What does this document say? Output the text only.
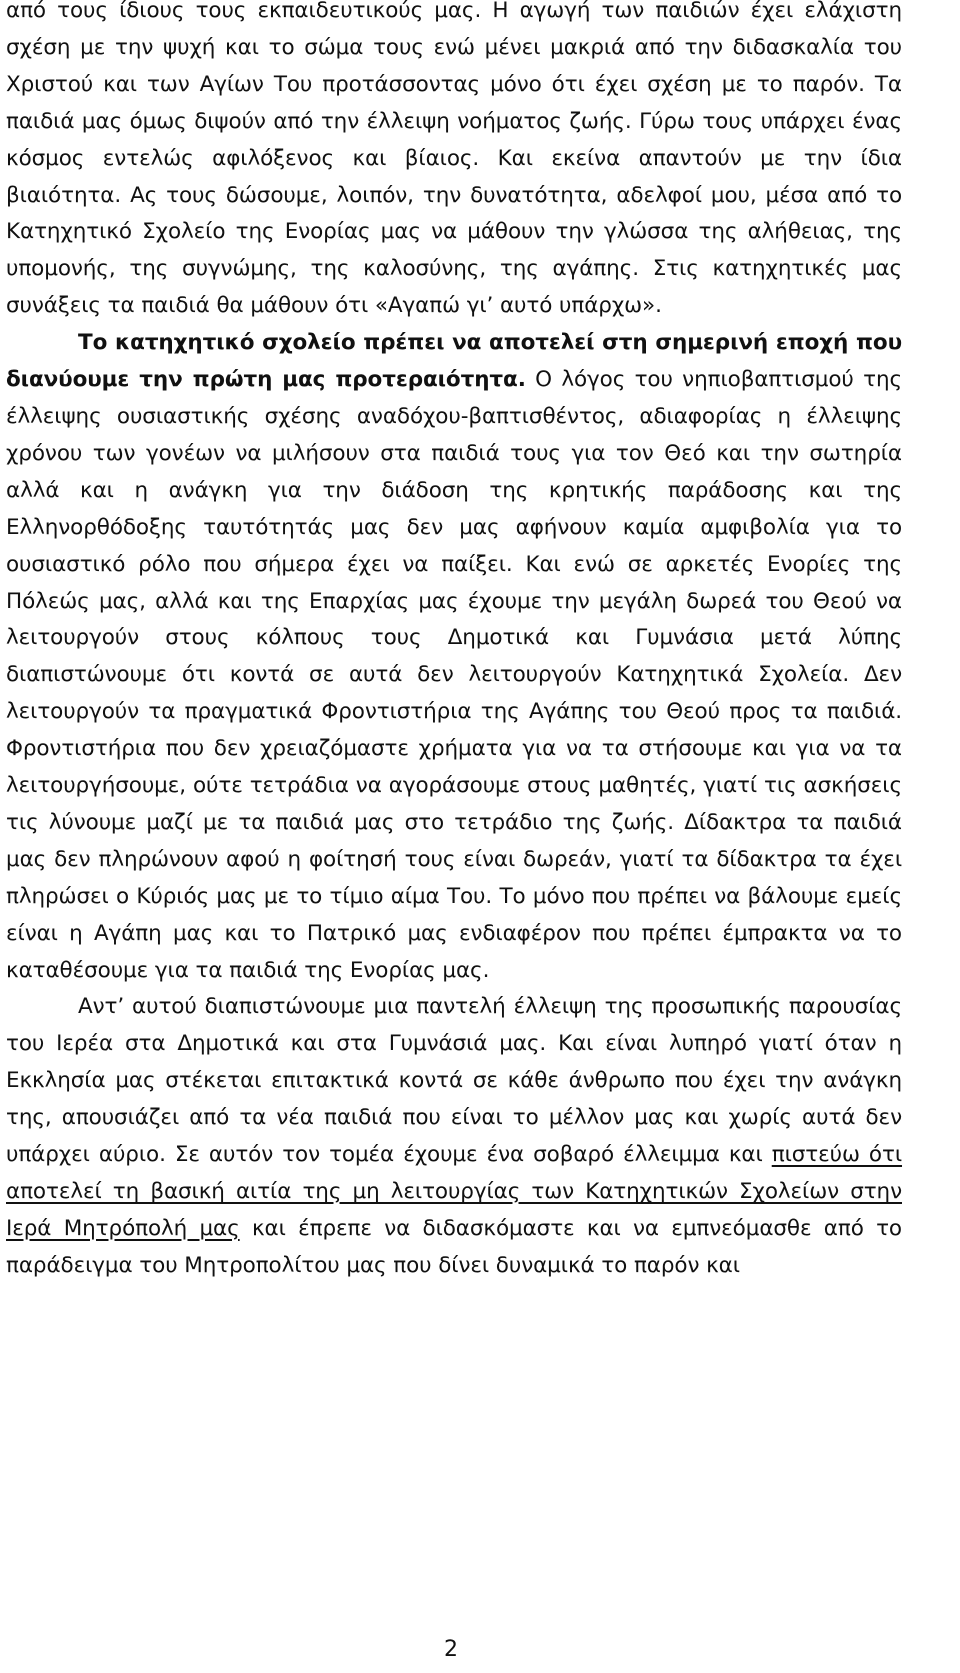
από τους ίδιους τους εκπαιδευτικούς μας. Η αγωγή των παιδιών έχει ελάχιστη σχέση με την ψυχή και το σώμα τους ενώ μένει μακριά από την διδασκαλία του Χριστού και των Αγίων Του προτάσσοντας μόνο ότι έχει σχέση με το παρόν. Τα παιδιά μας όμως διψούν από την έλλειψη νοήματος ζωής. Γύρω τους υπάρχει ένας κόσμος εντελώς αφιλόξενος και βίαιος. Και εκείνα απαντούν με την ίδια βιαιότητα. Ας τους δώσουμε, λοιπόν, την δυνατότητα, αδελφοί μου, μέσα από το Κατηχητικό Σχολείο της Ενορίας μας να μάθουν την γλώσσα της αλήθειας, της υπομονής, της συγνώμης, της καλοσύνης, της αγάπης. Στις κατηχητικές μας συνάξεις τα παιδιά θα μάθουν ότι «Αγαπώ γι’ αυτό υπάρχω».

Το κατηχητικό σχολείο πρέπει να αποτελεί στη σημερινή εποχή που διανύουμε την πρώτη μας προτεραιότητα. Ο λόγος του νηπιοβαπτισμού της έλλειψης ουσιαστικής σχέσης αναδόχου-βαπτισθέντος, αδιαφορίας η έλλειψης χρόνου των γονέων να μιλήσουν στα παιδιά τους για τον Θεό και την σωτηρία αλλά και η ανάγκη για την διάδοση της κρητικής παράδοσης και της Ελληνορθόδοξης ταυτότητάς μας δεν μας αφήνουν καμία αμφιβολία για το ουσιαστικό ρόλο που σήμερα έχει να παίξει. Και ενώ σε αρκετές Ενορίες της Πόλεώς μας, αλλά και της Επαρχίας μας έχουμε την μεγάλη δωρεά του Θεού να λειτουργούν στους κόλπους τους Δημοτικά και Γυμνάσια μετά λύπης διαπιστώνουμε ότι κοντά σε αυτά δεν λειτουργούν Κατηχητικά Σχολεία. Δεν λειτουργούν τα πραγματικά Φροντιστήρια της Αγάπης του Θεού προς τα παιδιά. Φροντιστήρια που δεν χρειαζόμαστε χρήματα για να τα στήσουμε και για να τα λειτουργήσουμε, ούτε τετράδια να αγοράσουμε στους μαθητές, γιατί τις ασκήσεις τις λύνουμε μαζί με τα παιδιά μας στο τετράδιο της ζωής. Δίδακτρα τα παιδιά μας δεν πληρώνουν αφού η φοίτησή τους είναι δωρεάν, γιατί τα δίδακτρα τα έχει πληρώσει ο Κύριός μας με το τίμιο αίμα Του. Το μόνο που πρέπει να βάλουμε εμείς είναι η Αγάπη μας και το Πατρικό μας ενδιαφέρον που πρέπει έμπρακτα να το καταθέσουμε για τα παιδιά της Ενορίας μας.

Αντ’ αυτού διαπιστώνουμε μια παντελή έλλειψη της προσωπικής παρουσίας του Ιερέα στα Δημοτικά και στα Γυμνάσιά μας. Και είναι λυπηρό γιατί όταν η Εκκλησία μας στέκεται επιτακτικά κοντά σε κάθε άνθρωπο που έχει την ανάγκη της, απουσιάζει από τα νέα παιδιά που είναι το μέλλον μας και χωρίς αυτά δεν υπάρχει αύριο. Σε αυτόν τον τομέα έχουμε ένα σοβαρό έλλειμμα και πιστεύω ότι αποτελεί τη βασική αιτία της μη λειτουργίας των Κατηχητικών Σχολείων στην Ιερά Μητρόπολή μας και έπρεπε να διδασκόμαστε και να εμπνεόμασθε από το παράδειγμα του Μητροπολίτου μας που δίνει δυναμικά το παρόν και

2
